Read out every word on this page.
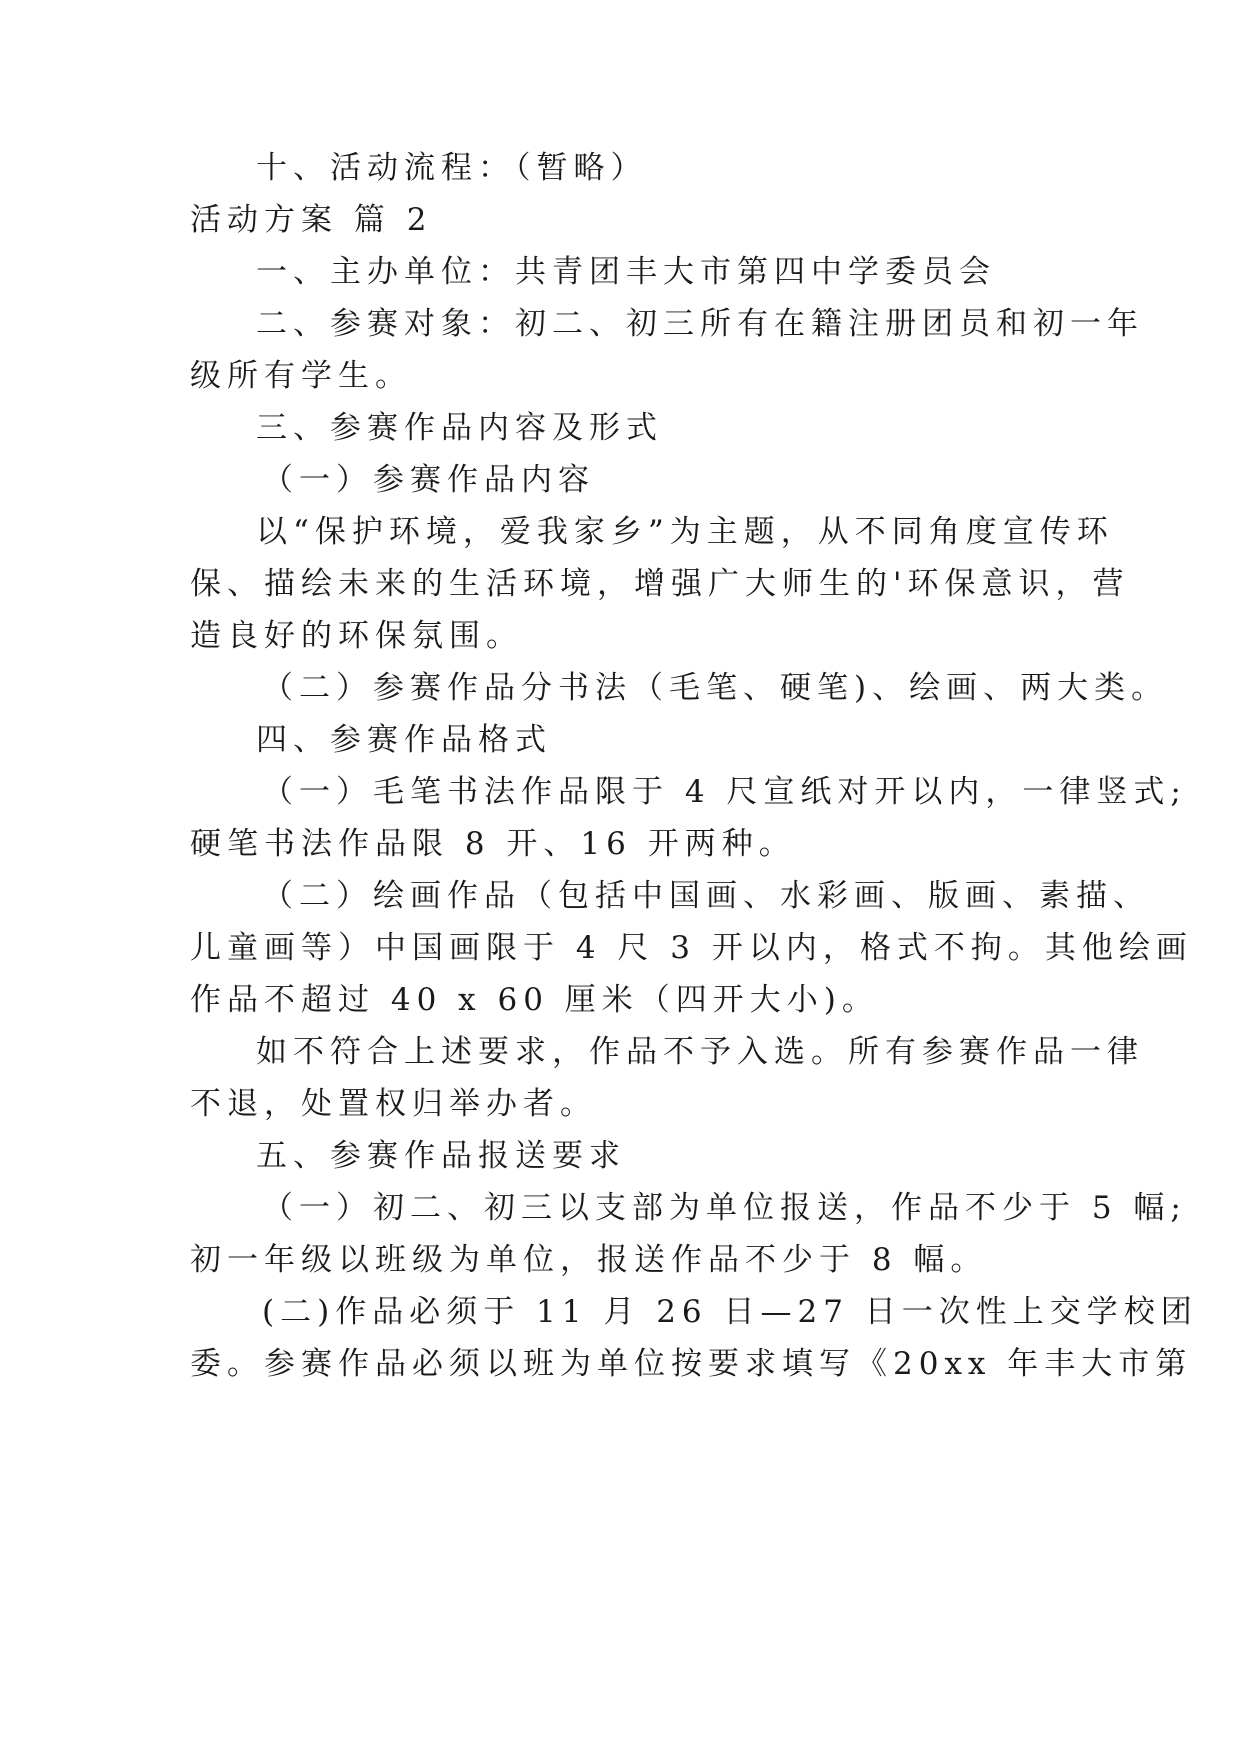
十、活动流程：（暂略）
活动方案 篇 2
一、主办单位：共青团丰大市第四中学委员会
二、参赛对象：初二、初三所有在籍注册团员和初一年
级所有学生。
三、参赛作品内容及形式
（一）参赛作品内容
以“保护环境，爱我家乡”为主题，从不同角度宣传环
保、描绘未来的生活环境，增强广大师生的'环保意识，营
造良好的环保氛围。
（二）参赛作品分书法（毛笔、硬笔)、绘画、两大类。
四、参赛作品格式
（一）毛笔书法作品限于 4 尺宣纸对开以内，一律竖式;
硬笔书法作品限 8 开、16 开两种。
（二）绘画作品（包括中国画、水彩画、版画、素描、
儿童画等）中国画限于 4 尺 3 开以内，格式不拘。其他绘画
作品不超过 40 x 60 厘米（四开大小)。
如不符合上述要求，作品不予入选。所有参赛作品一律
不退，处置权归举办者。
五、参赛作品报送要求
（一）初二、初三以支部为单位报送，作品不少于 5 幅;
初一年级以班级为单位，报送作品不少于 8 幅。
(二)作品必须于 11 月 26 日—27 日一次性上交学校团
委。参赛作品必须以班为单位按要求填写《20xx 年丰大市第
